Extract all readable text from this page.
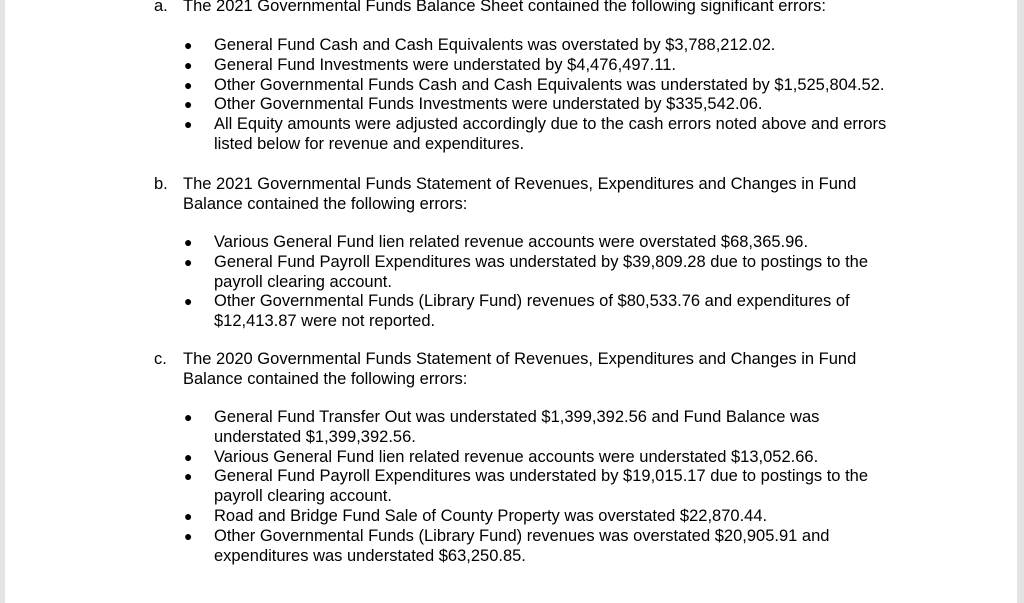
a. The 2021 Governmental Funds Balance Sheet contained the following significant errors:
● General Fund Cash and Cash Equivalents was overstated by $3,788,212.02.
● General Fund Investments were understated by $4,476,497.11.
● Other Governmental Funds Cash and Cash Equivalents was understated by $1,525,804.52.
● Other Governmental Funds Investments were understated by $335,542.06.
● All Equity amounts were adjusted accordingly due to the cash errors noted above and errors listed below for revenue and expenditures.
b. The 2021 Governmental Funds Statement of Revenues, Expenditures and Changes in Fund Balance contained the following errors:
● Various General Fund lien related revenue accounts were overstated $68,365.96.
● General Fund Payroll Expenditures was understated by $39,809.28 due to postings to the payroll clearing account.
● Other Governmental Funds (Library Fund) revenues of $80,533.76 and expenditures of $12,413.87 were not reported.
c. The 2020 Governmental Funds Statement of Revenues, Expenditures and Changes in Fund Balance contained the following errors:
● General Fund Transfer Out was understated $1,399,392.56 and Fund Balance was understated $1,399,392.56.
● Various General Fund lien related revenue accounts were understated $13,052.66.
● General Fund Payroll Expenditures was understated by $19,015.17 due to postings to the payroll clearing account.
● Road and Bridge Fund Sale of County Property was overstated $22,870.44.
● Other Governmental Funds (Library Fund) revenues was overstated $20,905.91 and expenditures was understated $63,250.85.
